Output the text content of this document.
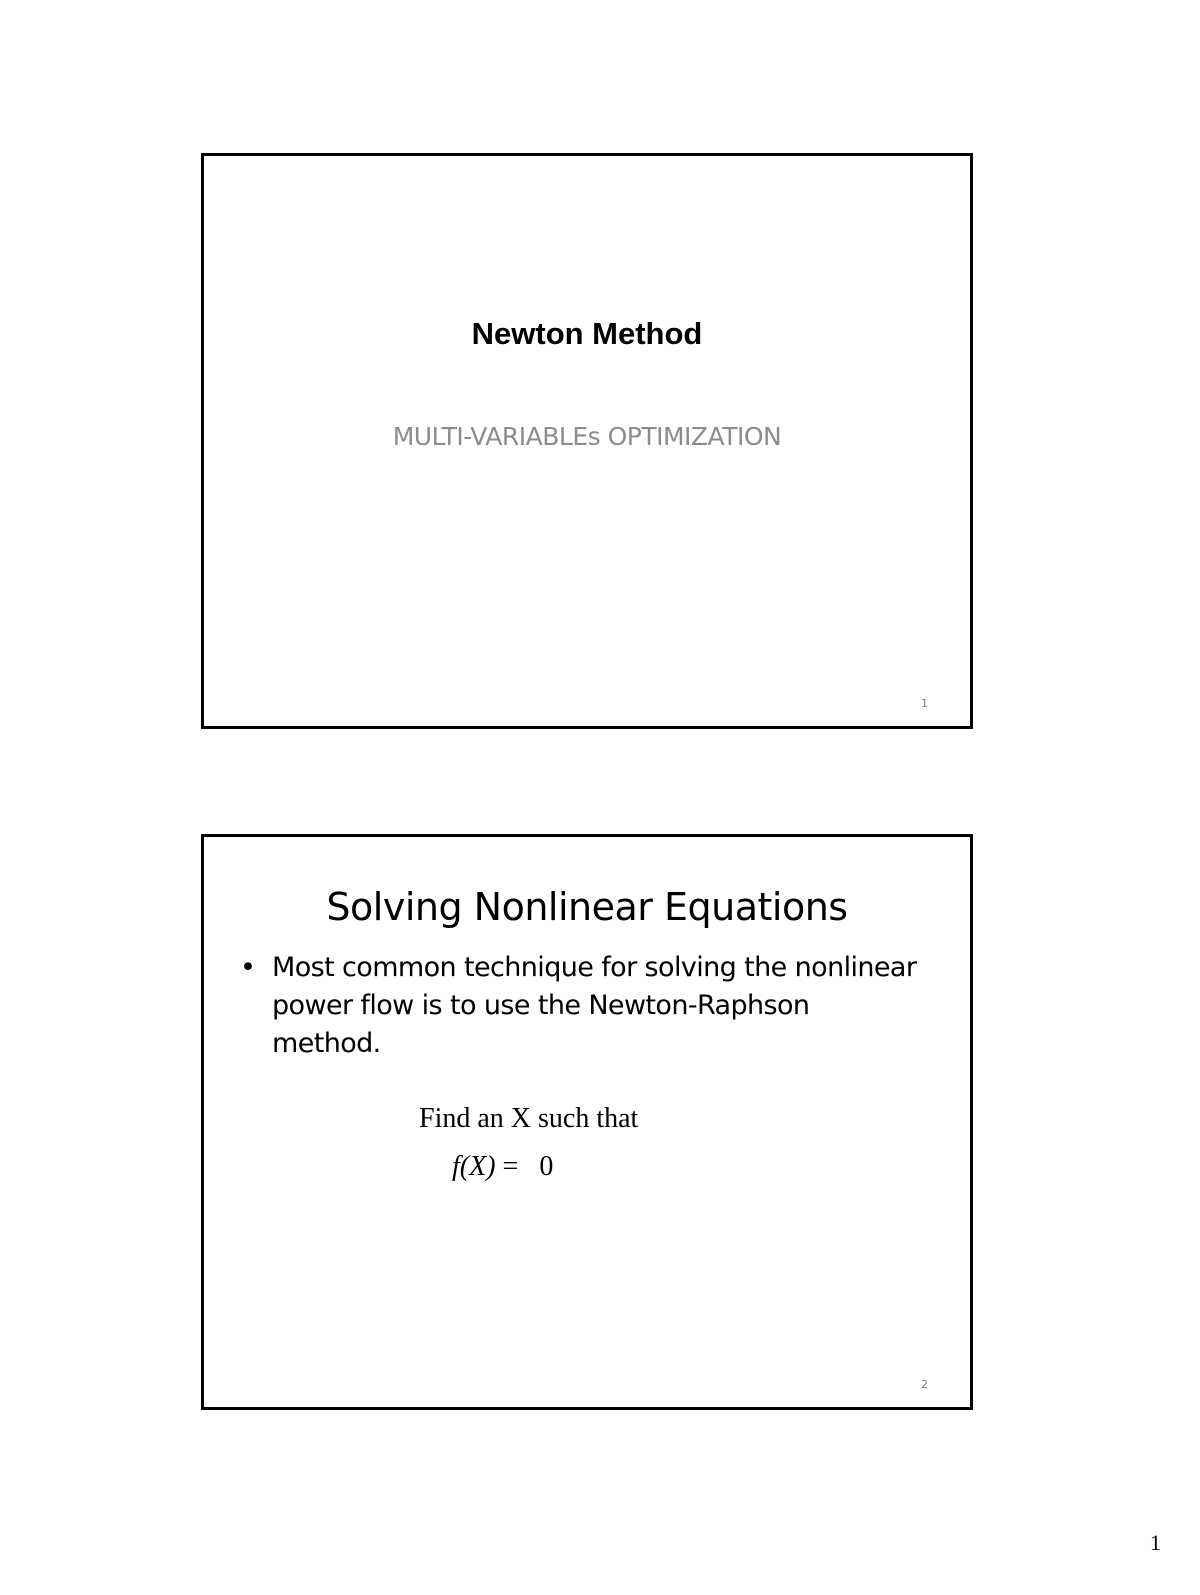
Newton Method
MULTI-VARIABLEs OPTIMIZATION
1
Solving Nonlinear Equations
• Most common technique for solving the nonlinear power flow is to use the Newton-Raphson method.
Find an X such that
f(X) = 0
2
1
